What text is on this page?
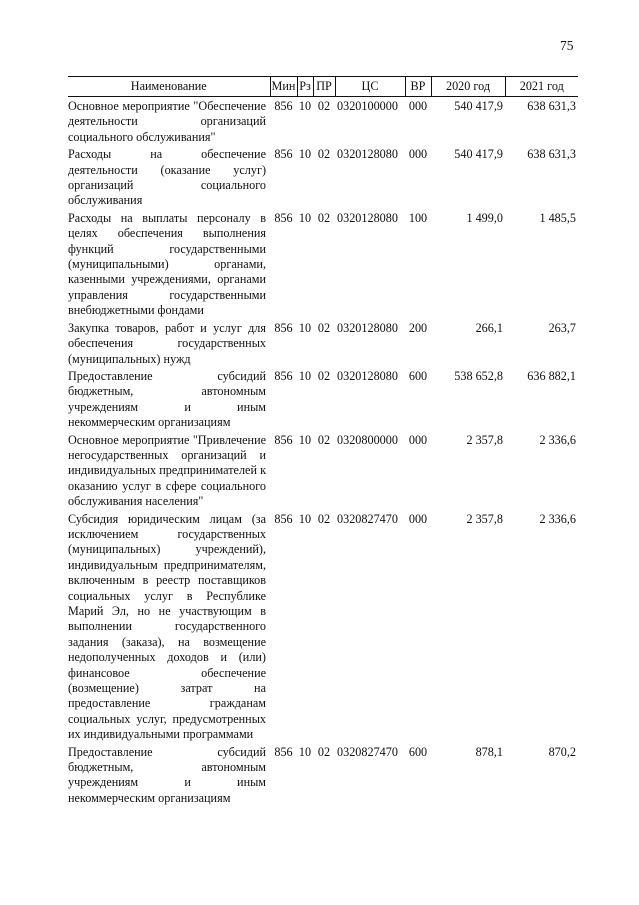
75
Наименование	Мин	Рз	ПР	ЦС	ВР	2020 год	2021 год
Основное мероприятие "Обеспечение деятельности организаций социального обслуживания"	856	10	02	0320100000	000	540 417,9	638 631,3
Расходы на обеспечение деятельности (оказание услуг) организаций социального обслуживания	856	10	02	0320128080	000	540 417,9	638 631,3
Расходы на выплаты персоналу в целях обеспечения выполнения функций государственными (муниципальными) органами, казенными учреждениями, органами управления государственными внебюджетными фондами	856	10	02	0320128080	100	1 499,0	1 485,5
Закупка товаров, работ и услуг для обеспечения государственных (муниципальных) нужд	856	10	02	0320128080	200	266,1	263,7
Предоставление субсидий бюджетным, автономным учреждениям и иным некоммерческим организациям	856	10	02	0320128080	600	538 652,8	636 882,1
Основное мероприятие "Привлечение негосударственных организаций и индивидуальных предпринимателей к оказанию услуг в сфере социального обслуживания населения"	856	10	02	0320800000	000	2 357,8	2 336,6
Субсидия юридическим лицам (за исключением государственных (муниципальных) учреждений), индивидуальным предпринимателям, включенным в реестр поставщиков социальных услуг в Республике Марий Эл, но не участвующим в выполнении государственного задания (заказа), на возмещение недополученных доходов и (или) финансовое обеспечение (возмещение) затрат на предоставление гражданам социальных услуг, предусмотренных их индивидуальными программами	856	10	02	0320827470	000	2 357,8	2 336,6
Предоставление субсидий бюджетным, автономным учреждениям и иным некоммерческим организациям	856	10	02	0320827470	600	878,1	870,2
